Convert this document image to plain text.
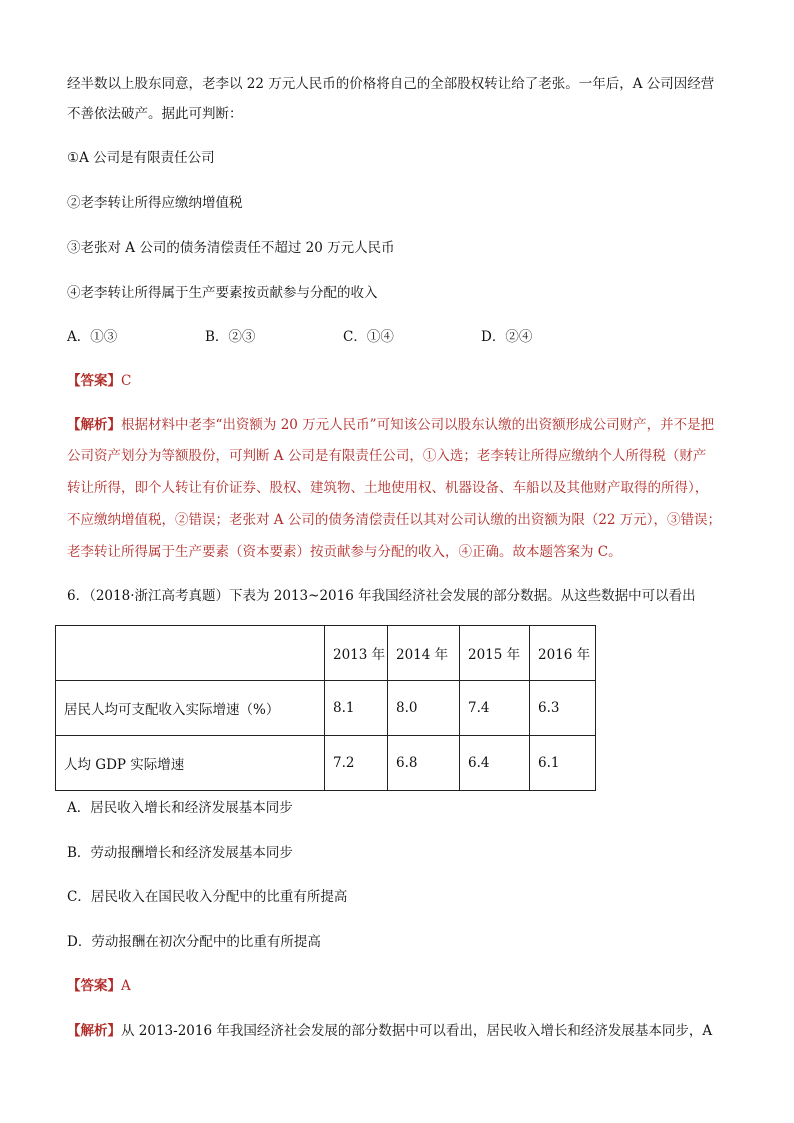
经半数以上股东同意，老李以 22 万元人民币的价格将自己的全部股权转让给了老张。一年后，A 公司因经营
不善依法破产。据此可判断：
①A 公司是有限责任公司
②老李转让所得应缴纳增值税
③老张对 A 公司的债务清偿责任不超过 20 万元人民币
④老李转让所得属于生产要素按贡献参与分配的收入
A．①③	B．②③	C．①④	D．②④
【答案】C
【解析】根据材料中老李“出资额为 20 万元人民币”可知该公司以股东认缴的出资额形成公司财产，并不是把
公司资产划分为等额股份，可判断 A 公司是有限责任公司，①入选；老李转让所得应缴纳个人所得税（财产
转让所得，即个人转让有价证券、股权、建筑物、土地使用权、机器设备、车船以及其他财产取得的所得），
不应缴纳增值税，②错误；老张对 A 公司的债务清偿责任以其对公司认缴的出资额为限（22 万元），③错误；
老李转让所得属于生产要素（资本要素）按贡献参与分配的收入，④正确。故本题答案为 C。
6．（2018·浙江高考真题）下表为 2013~2016 年我国经济社会发展的部分数据。从这些数据中可以看出
	2013 年	2014 年	2015 年	2016 年
居民人均可支配收入实际增速（%）	8.1	8.0	7.4	6.3
人均 GDP 实际增速	7.2	6.8	6.4	6.1
A．居民收入增长和经济发展基本同步
B．劳动报酬增长和经济发展基本同步
C．居民收入在国民收入分配中的比重有所提高
D．劳动报酬在初次分配中的比重有所提高
【答案】A
【解析】从 2013-2016 年我国经济社会发展的部分数据中可以看出，居民收入增长和经济发展基本同步，A
